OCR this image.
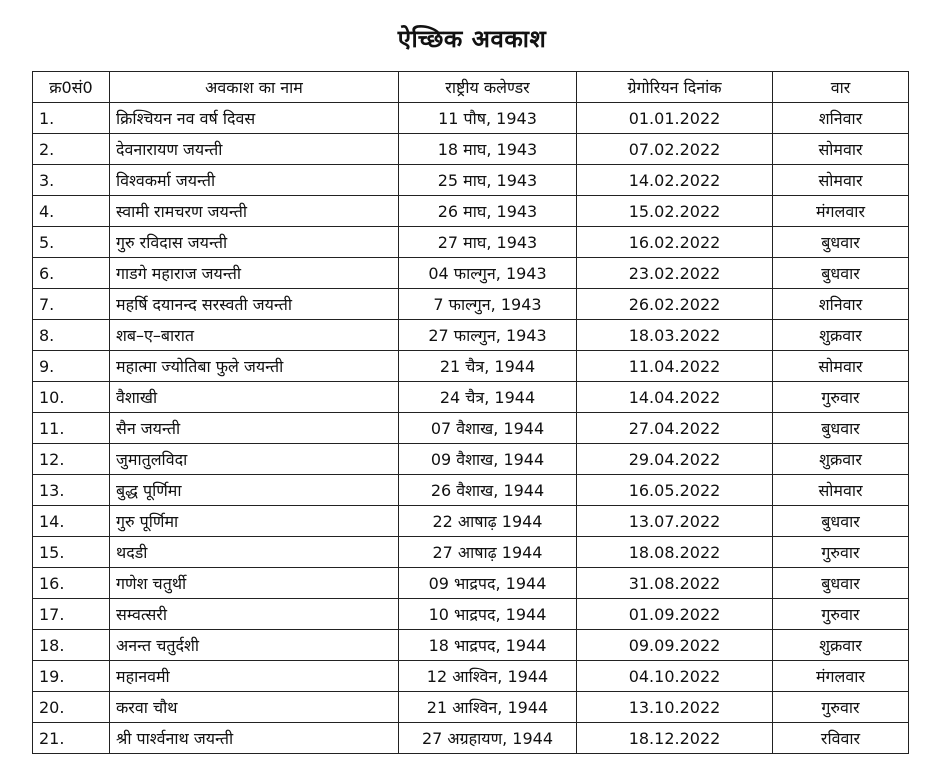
ऐच्छिक अवकाश
क्र0सं0	अवकाश का नाम	राष्ट्रीय कलेण्डर	ग्रेगोरियन दिनांक	वार
1.	क्रिश्चियन नव वर्ष दिवस	11 पौष, 1943	01.01.2022	शनिवार
2.	देवनारायण जयन्ती	18 माघ, 1943	07.02.2022	सोमवार
3.	विश्वकर्मा जयन्ती	25 माघ, 1943	14.02.2022	सोमवार
4.	स्वामी रामचरण जयन्ती	26 माघ, 1943	15.02.2022	मंगलवार
5.	गुरु रविदास जयन्ती	27 माघ, 1943	16.02.2022	बुधवार
6.	गाडगे महाराज जयन्ती	04 फाल्गुन, 1943	23.02.2022	बुधवार
7.	महर्षि दयानन्द सरस्वती जयन्ती	7 फाल्गुन, 1943	26.02.2022	शनिवार
8.	शब–ए–बारात	27 फाल्गुन, 1943	18.03.2022	शुक्रवार
9.	महात्मा ज्योतिबा फुले जयन्ती	21 चैत्र, 1944	11.04.2022	सोमवार
10.	वैशाखी	24 चैत्र, 1944	14.04.2022	गुरुवार
11.	सैन जयन्ती	07 वैशाख, 1944	27.04.2022	बुधवार
12.	जुमातुलविदा	09 वैशाख, 1944	29.04.2022	शुक्रवार
13.	बुद्ध पूर्णिमा	26 वैशाख, 1944	16.05.2022	सोमवार
14.	गुरु पूर्णिमा	22 आषाढ़ 1944	13.07.2022	बुधवार
15.	थदडी	27 आषाढ़ 1944	18.08.2022	गुरुवार
16.	गणेश चतुर्थी	09 भाद्रपद, 1944	31.08.2022	बुधवार
17.	सम्वत्सरी	10 भाद्रपद, 1944	01.09.2022	गुरुवार
18.	अनन्त चतुर्दशी	18 भाद्रपद, 1944	09.09.2022	शुक्रवार
19.	महानवमी	12 आश्विन, 1944	04.10.2022	मंगलवार
20.	करवा चौथ	21 आश्विन, 1944	13.10.2022	गुरुवार
21.	श्री पार्श्वनाथ जयन्ती	27 अग्रहायण, 1944	18.12.2022	रविवार
